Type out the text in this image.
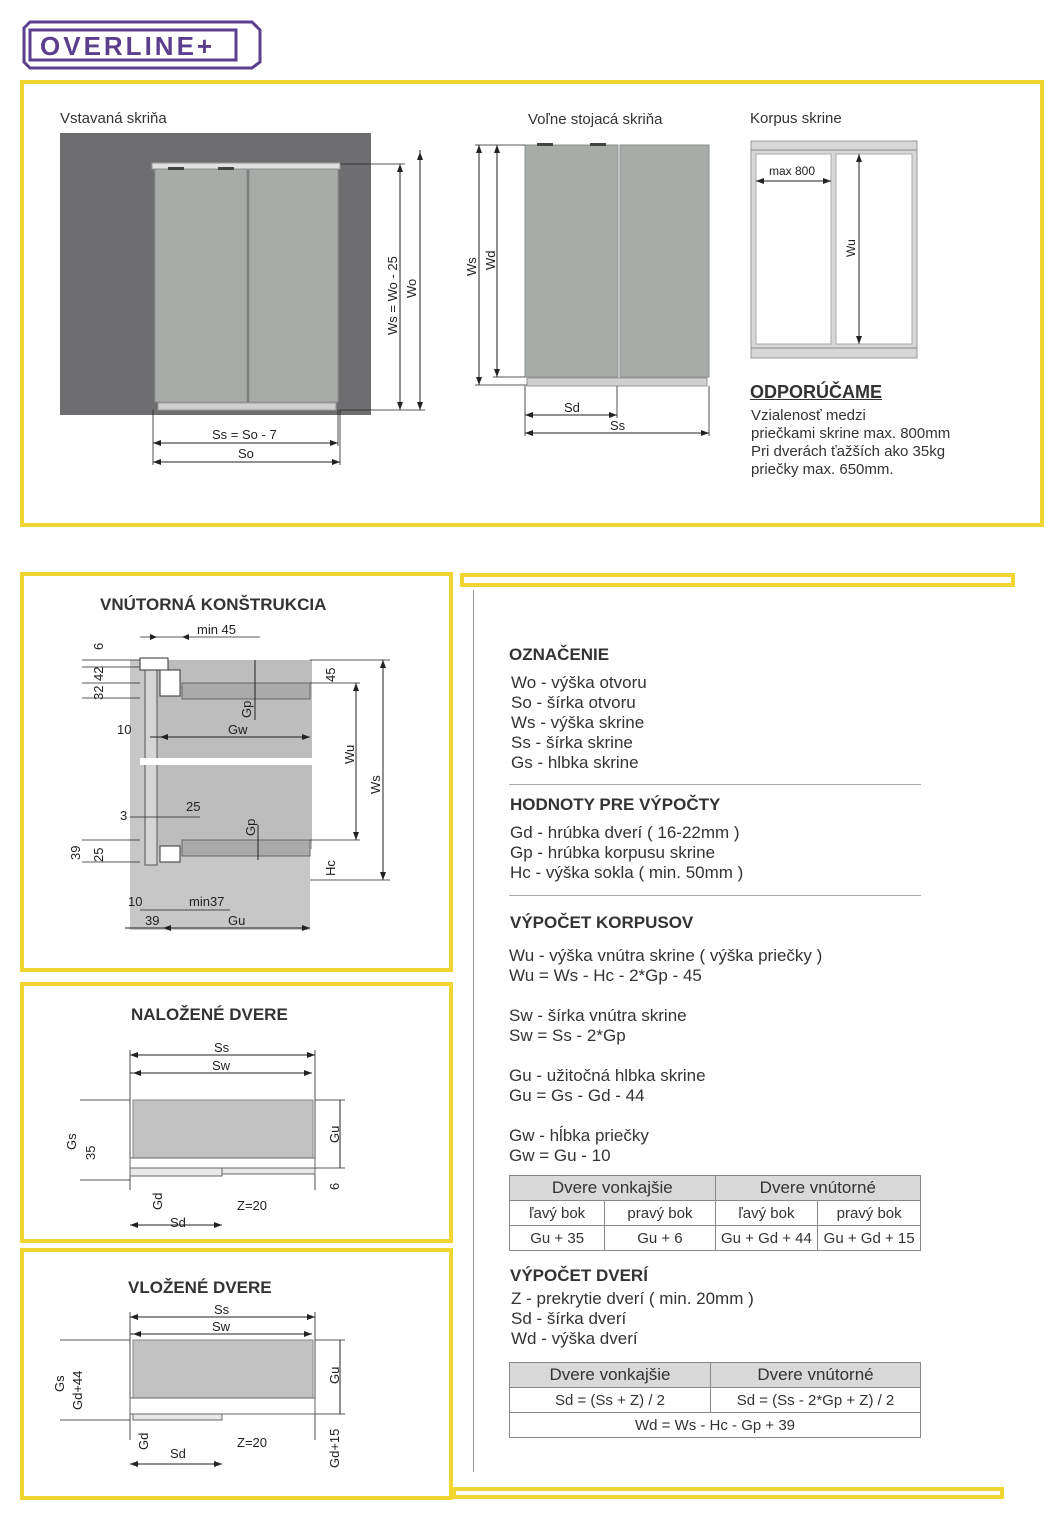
OVERLINE+
Vstavaná skriňa	Voľne stojacá skriňa	Korpus skrine
Ws = Wo - 25 Wo
Ss = So - 7
So
Ws Wd
Sd
Ss
max 800
Wu
ODPORÚČAME
Vzialenosť medzi
priečkami skrine max. 800mm
Pri dverách ťažších ako 35kg
priečky max. 650mm.
VNÚTORNÁ KONŠTRUKCIA
6
42
32
min 45
Gp
10	Gw
45
Wu
Ws
Hc
3
25
Gp
39 25
10	min37
39	Gu
NALOŽENÉ DVERE
Ss
Sw
Gs
35
Gu
6
Gd	Z=20
Sd
VLOŽENÉ DVERE
Ss
Sw
Gs Gd+44	Gu
Gd	Z=20
Sd	Gd+15
OZNAČENIE
Wo - výška otvoru
So - šírka otvoru
Ws - výška skrine
Ss - šírka skrine
Gs - hlbka skrine
HODNOTY PRE VÝPOČTY
Gd - hrúbka dverí ( 16-22mm )
Gp - hrúbka korpusu skrine
Hc - výška sokla ( min. 50mm )
VÝPOČET KORPUSOV
Wu - výška vnútra skrine ( výška priečky )
Wu = Ws - Hc - 2*Gp - 45
Sw - šírka vnútra skrine
Sw = Ss - 2*Gp
Gu - užitočná hlbka skrine
Gu = Gs - Gd - 44
Gw - hĺbka priečky
Gw = Gu - 10
Dvere vonkajšie		Dvere vnútorné	
ľavý bok	pravý bok	ľavý bok	pravý bok
Gu + 35	Gu + 6	Gu + Gd + 44	Gu + Gd + 15
VÝPOČET DVERÍ
Z - prekrytie dverí ( min. 20mm )
Sd - šírka dverí
Wd - výška dverí
Dvere vonkajšie	Dvere vnútorné
Sd = (Ss + Z) / 2	Sd = (Ss - 2*Gp + Z) / 2
Wd = Ws - Hc - Gp + 39	
